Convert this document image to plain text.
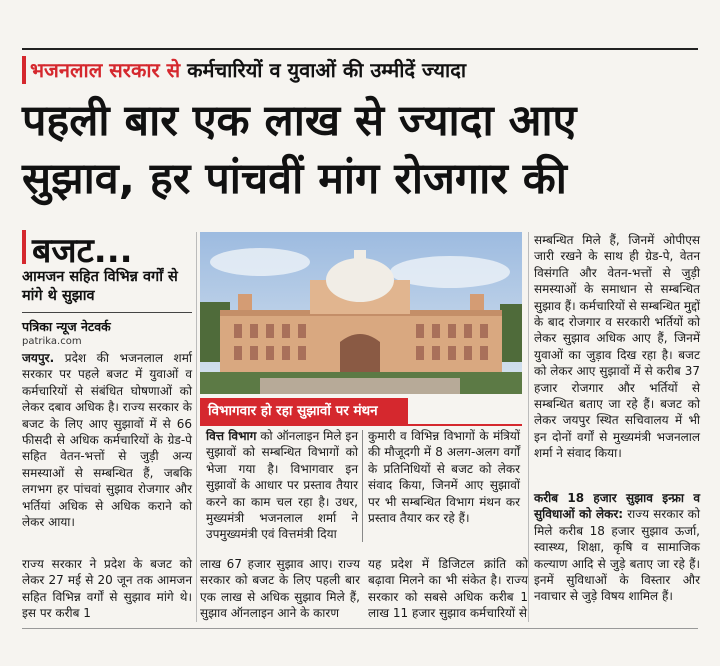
भजनलाल सरकार से कर्मचारियों व युवाओं की उम्मीदें ज्यादा
पहली बार एक लाख से ज्यादा आए
सुझाव, हर पांचवीं मांग रोजगार की
बजट...
आमजन सहित विभिन्न वर्गों से मांगे थे सुझाव
पत्रिका न्यूज नेटवर्क
patrika.com

जयपुर. प्रदेश की भजनलाल शर्मा सरकार पर पहले बजट में युवाओं व कर्मचारियों से संबंधित घोषणाओं को लेकर दबाव अधिक है। राज्य सरकार के बजट के लिए आए सुझावों में से 66 फीसदी से अधिक कर्मचारियों के ग्रेड-पे सहित वेतन-भत्तों से जुड़ी अन्य समस्याओं से सम्बन्धित हैं, जबकि लगभग हर पांचवां सुझाव रोजगार और भर्तियां अधिक से अधिक कराने को लेकर आया।

राज्य सरकार ने प्रदेश के बजट को लेकर 27 मई से 20 जून तक आमजन सहित विभिन्न वर्गों से सुझाव मांगे थे। इस पर करीब 1

विभागवार हो रहा सुझावों पर मंथन

वित्त विभाग को ऑनलाइन मिले इन सुझावों को सम्बन्धित विभागों को भेजा गया है। विभागवार इन सुझावों के आधार पर प्रस्ताव तैयार करने का काम चल रहा है। उधर, मुख्यमंत्री भजनलाल शर्मा ने उपमुख्यमंत्री एवं वित्तमंत्री दिया

कुमारी व विभिन्न विभागों के मंत्रियों की मौजूदगी में 8 अलग-अलग वर्गों के प्रतिनिधियों से बजट को लेकर संवाद किया, जिनमें आए सुझावों पर भी सम्बन्धित विभाग मंथन कर प्रस्ताव तैयार कर रहे हैं।

लाख 67 हजार सुझाव आए। राज्य सरकार को बजट के लिए पहली बार एक लाख से अधिक सुझाव मिले हैं, सुझाव ऑनलाइन आने के कारण

यह प्रदेश में डिजिटल क्रांति को बढ़ावा मिलने का भी संकेत है। राज्य सरकार को सबसे अधिक करीब 1 लाख 11 हजार सुझाव कर्मचारियों से

सम्बन्धित मिले हैं, जिनमें ओपीएस जारी रखने के साथ ही ग्रेड-पे, वेतन विसंगति और वेतन-भत्तों से जुड़ी समस्याओं के समाधान से सम्बन्धित सुझाव हैं। कर्मचारियों से सम्बन्धित मुद्दों के बाद रोजगार व सरकारी भर्तियों को लेकर सुझाव अधिक आए हैं, जिनमें युवाओं का जुड़ाव दिख रहा है। बजट को लेकर आए सुझावों में से करीब 37 हजार रोजगार और भर्तियों से सम्बन्धित बताए जा रहे हैं। बजट को लेकर जयपुर स्थित सचिवालय में भी इन दोनों वर्गों से मुख्यमंत्री भजनलाल शर्मा ने संवाद किया।

करीब 18 हजार सुझाव इन्फ्रा व सुविधाओं को लेकर: राज्य सरकार को मिले करीब 18 हजार सुझाव ऊर्जा, स्वास्थ्य, शिक्षा, कृषि व सामाजिक कल्याण आदि से जुड़े बताए जा रहे हैं। इनमें सुविधाओं के विस्तार और नवाचार से जुड़े विषय शामिल हैं।
